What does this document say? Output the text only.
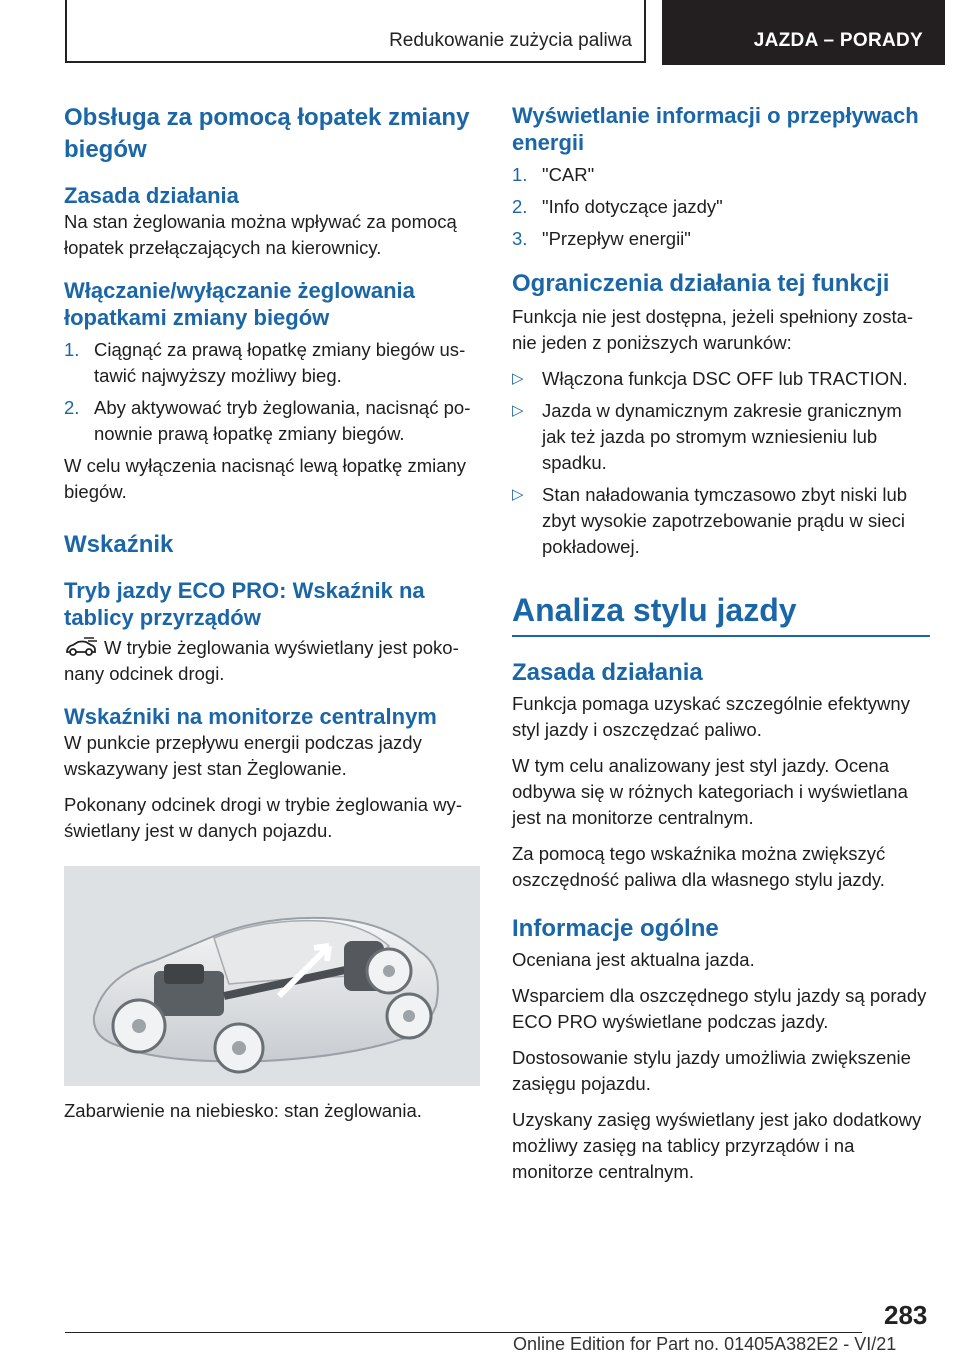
Redukowanie zużycia paliwa	JAZDA – PORADY
Obsługa za pomocą łopatek zmiany biegów
Zasada działania

Na stan żeglowania można wpływać za pomocą łopatek przełączających na kierownicy.

Włączanie/wyłączanie żeglowania łopatkami zmiany biegów
1. Ciągnąć za prawą łopatkę zmiany biegów ustawić najwyższy możliwy bieg.
2. Aby aktywować tryb żeglowania, nacisnąć ponownie prawą łopatkę zmiany biegów.

W celu wyłączenia nacisnąć lewą łopatkę zmiany biegów.

Wskaźnik
Tryb jazdy ECO PRO: Wskaźnik na tablicy przyrządów

W trybie żeglowania wyświetlany jest pokonany odcinek drogi.

Wskaźniki na monitorze centralnym

W punkcie przepływu energii podczas jazdy wskazywany jest stan Żeglowanie.

Pokonany odcinek drogi w trybie żeglowania wyświetlany jest w danych pojazdu.

Zabarwienie na niebiesko: stan żeglowania.

Wyświetlanie informacji o przepływach energii
1. "CAR"
2. "Info dotyczące jazdy"
3. "Przepływ energii"
Ograniczenia działania tej funkcji

Funkcja nie jest dostępna, jeżeli spełniony zostanie jeden z poniższych warunków:

▷ Włączona funkcja DSC OFF lub TRACTION.
▷ Jazda w dynamicznym zakresie granicznym jak też jazda po stromym wzniesieniu lub spadku.
▷ Stan naładowania tymczasowo zbyt niski lub zbyt wysokie zapotrzebowanie prądu w sieci pokładowej.
Analiza stylu jazdy
Zasada działania

Funkcja pomaga uzyskać szczególnie efektywny styl jazdy i oszczędzać paliwo.

W tym celu analizowany jest styl jazdy. Ocena odbywa się w różnych kategoriach i wyświetlana jest na monitorze centralnym.

Za pomocą tego wskaźnika można zwiększyć oszczędność paliwa dla własnego stylu jazdy.

Informacje ogólne

Oceniana jest aktualna jazda.

Wsparciem dla oszczędnego stylu jazdy są porady ECO PRO wyświetlane podczas jazdy.

Dostosowanie stylu jazdy umożliwia zwiększenie zasięgu pojazdu.

Uzyskany zasięg wyświetlany jest jako dodatkowy możliwy zasięg na tablicy przyrządów i na monitorze centralnym.

283
Online Edition for Part no. 01405A382E2 - VI/21
